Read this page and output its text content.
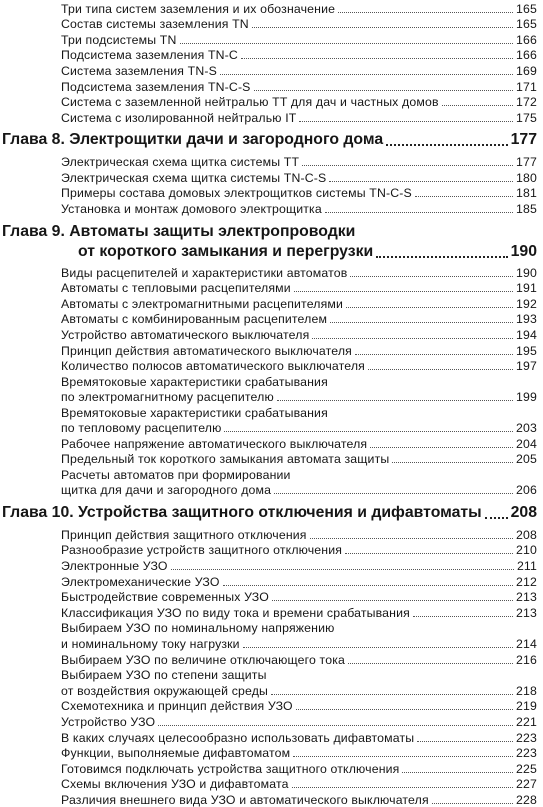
Три типа систем заземления и их обозначение	165
Состав системы заземления TN	165
Три подсистемы TN	166
Подсистема заземления TN-C	166
Система заземления TN-S	169
Подсистема заземления TN-C-S	171
Система с заземленной нейтралью TT для дач и частных домов	172
Система с изолированной нейтралью IT	175
Глава 8. Электрощитки дачи и загородного дома	177
Электрическая схема щитка системы TT	177
Электрическая схема щитка системы TN-C-S	180
Примеры состава домовых электрощитков системы TN-C-S	181
Установка и монтаж домового электрощитка	185
Глава 9. Автоматы защиты электропроводки
от короткого замыкания и перегрузки	190
Виды расцепителей и характеристики автоматов	190
Автоматы с тепловыми расцепителями	191
Автоматы с электромагнитными расцепителями	192
Автоматы с комбинированным расцепителем	193
Устройство автоматического выключателя	194
Принцип действия автоматического выключателя	195
Количество полюсов автоматического выключателя	197
Времятоковые характеристики срабатывания
по электромагнитному расцепителю	199
Времятоковые характеристики срабатывания
по тепловому расцепителю	203
Рабочее напряжение автоматического выключателя	204
Предельный ток короткого замыкания автомата защиты	205
Расчеты автоматов при формировании
щитка для дачи и загородного дома	206
Глава 10. Устройства защитного отключения и дифавтоматы 208
Принцип действия защитного отключения	208
Разнообразие устройств защитного отключения	210
Электронные УЗО	211
Электромеханические УЗО	212
Быстродействие современных УЗО	213
Классификация УЗО по виду тока и времени срабатывания	213
Выбираем УЗО по номинальному напряжению
и номинальному току нагрузки	214
Выбираем УЗО по величине отключающего тока	216
Выбираем УЗО по степени защиты
от воздействия окружающей среды	218
Схемотехника и принцип действия УЗО	219
Устройство УЗО	221
В каких случаях целесообразно использовать дифавтоматы	223
Функции, выполняемые дифавтоматом	223
Готовимся подключать устройства защитного отключения	225
Схемы включения УЗО и дифавтомата	227
Различия внешнего вида УЗО и автоматического выключателя	228
